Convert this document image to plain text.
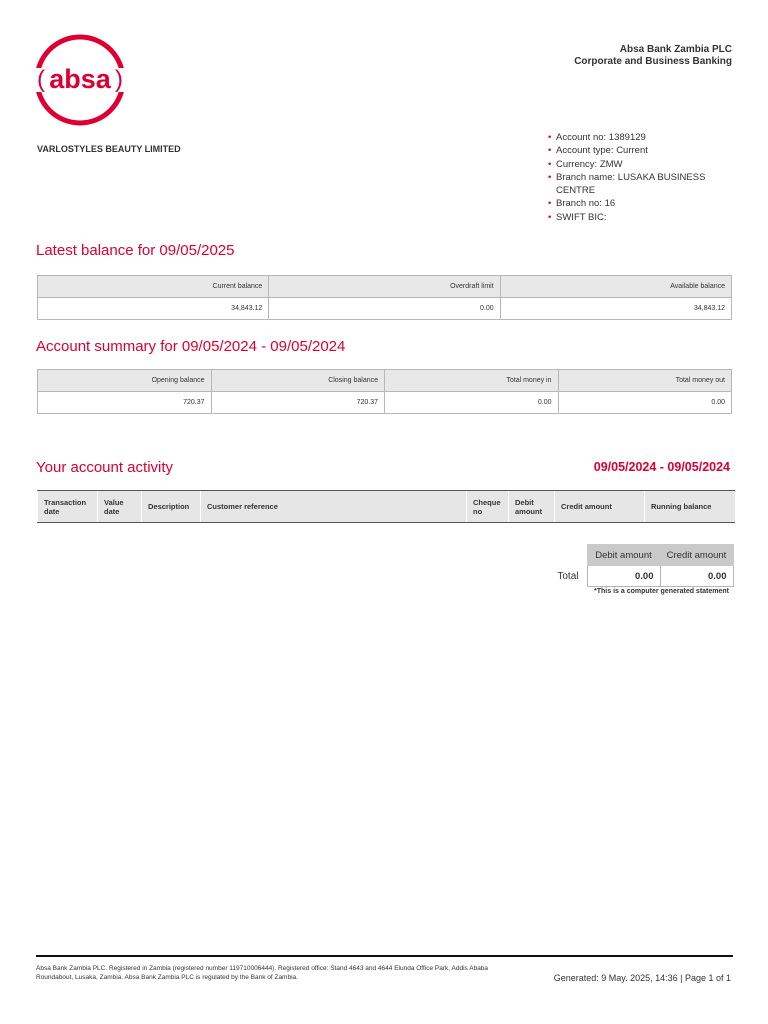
absa
(	)
Absa Bank Zambia PLC
Corporate and Business Banking
VARLOSTYLES BEAUTY LIMITED
• Account no: 1389129
• Account type: Current
• Currency: ZMW
• Branch name: LUSAKA BUSINESS CENTRE
• Branch no: 16
• SWIFT BIC:
Latest balance for 09/05/2025
Current balance	Overdraft limit	Available balance
34,843.12	0.00	34,843.12
Account summary for 09/05/2024 - 09/05/2024
Opening balance	Closing balance	Total money in	Total money out
720.37	720.37	0.00	0.00
Your account activity	09/05/2024 - 09/05/2024
Transaction date	Value date	Description	Customer reference	Cheque no	Debit amount	Credit amount	Running balance
	Debit amount	Credit amount
Total	0.00	0.00
*This is a computer generated statement
Absa Bank Zambia PLC. Registered in Zambia (registered number 119710006444). Registered office: Stand 4643 and 4644 Elunda Office Park, Addis Ababa Roundabout, Lusaka, Zambia. Absa Bank Zambia PLC is regulated by the Bank of Zambia.	Generated: 9 May. 2025, 14:36 | Page 1 of 1
